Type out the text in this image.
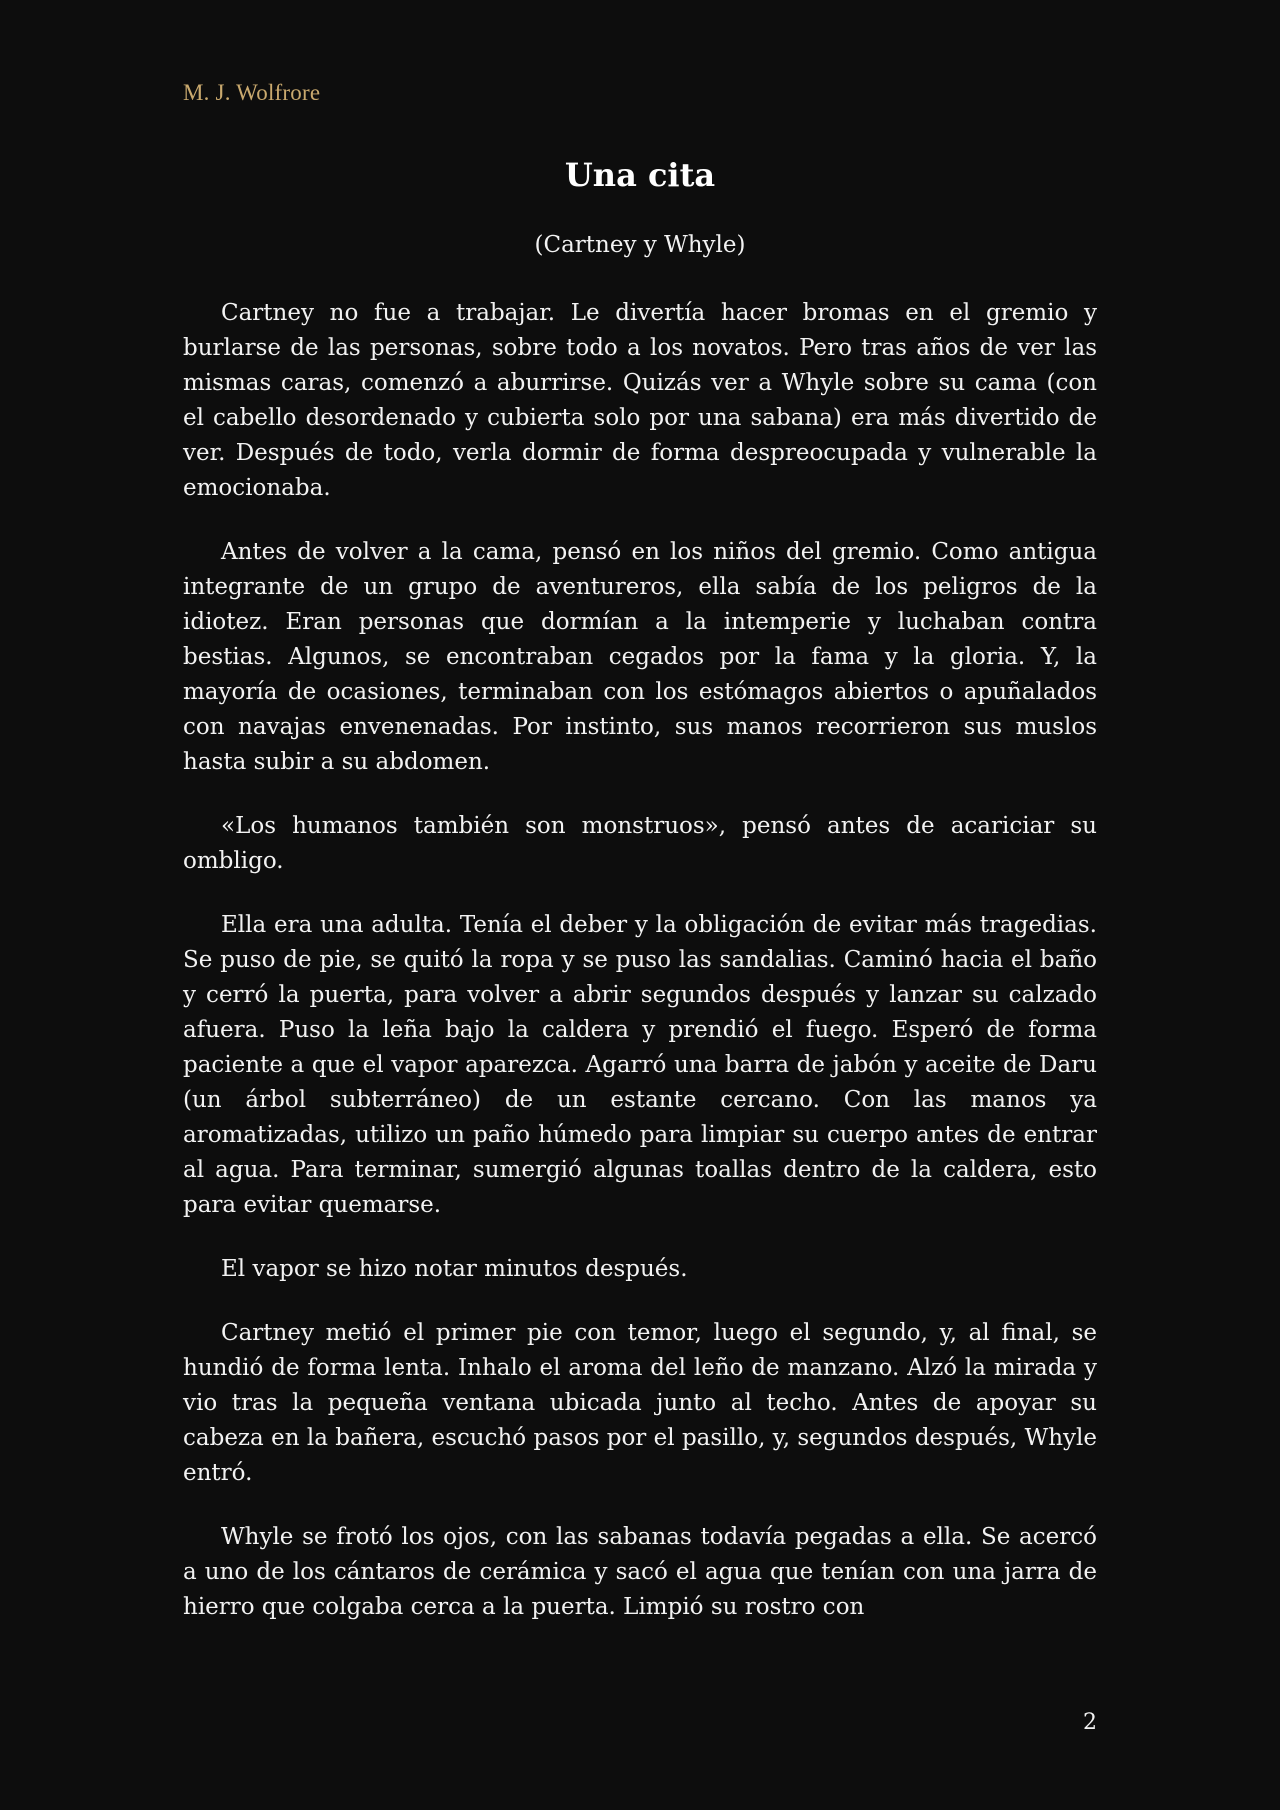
M. J. Wolfrore
Una cita
(Cartney y Whyle)

Cartney no fue a trabajar. Le divertía hacer bromas en el gremio y burlarse de las personas, sobre todo a los novatos. Pero tras años de ver las mismas caras, comenzó a aburrirse. Quizás ver a Whyle sobre su cama (con el cabello desordenado y cubierta solo por una sabana) era más divertido de ver. Después de todo, verla dormir de forma despreocupada y vulnerable la emocionaba.

Antes de volver a la cama, pensó en los niños del gremio. Como antigua integrante de un grupo de aventureros, ella sabía de los peligros de la idiotez. Eran personas que dormían a la intemperie y luchaban contra bestias. Algunos, se encontraban cegados por la fama y la gloria. Y, la mayoría de ocasiones, terminaban con los estómagos abiertos o apuñalados con navajas envenenadas. Por instinto, sus manos recorrieron sus muslos hasta subir a su abdomen.

«Los humanos también son monstruos», pensó antes de acariciar su ombligo.

Ella era una adulta. Tenía el deber y la obligación de evitar más tragedias. Se puso de pie, se quitó la ropa y se puso las sandalias. Caminó hacia el baño y cerró la puerta, para volver a abrir segundos después y lanzar su calzado afuera. Puso la leña bajo la caldera y prendió el fuego. Esperó de forma paciente a que el vapor aparezca. Agarró una barra de jabón y aceite de Daru (un árbol subterráneo) de un estante cercano. Con las manos ya aromatizadas, utilizo un paño húmedo para limpiar su cuerpo antes de entrar al agua. Para terminar, sumergió algunas toallas dentro de la caldera, esto para evitar quemarse.

El vapor se hizo notar minutos después.

Cartney metió el primer pie con temor, luego el segundo, y, al final, se hundió de forma lenta. Inhalo el aroma del leño de manzano. Alzó la mirada y vio tras la pequeña ventana ubicada junto al techo. Antes de apoyar su cabeza en la bañera, escuchó pasos por el pasillo, y, segundos después, Whyle entró.

Whyle se frotó los ojos, con las sabanas todavía pegadas a ella. Se acercó a uno de los cántaros de cerámica y sacó el agua que tenían con una jarra de hierro que colgaba cerca a la puerta. Limpió su rostro con

2
